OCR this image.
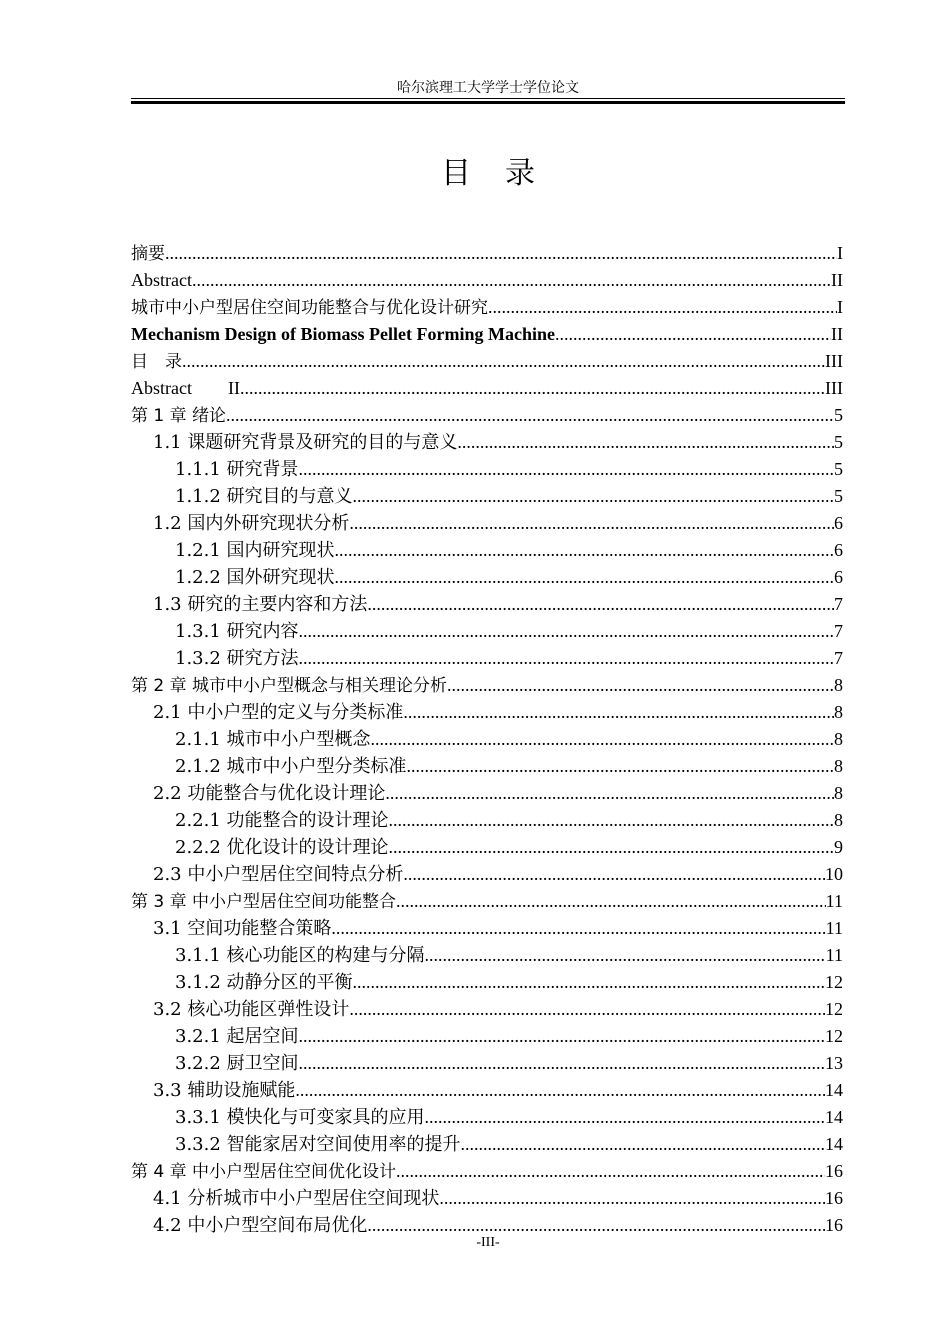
哈尔滨理工大学学士学位论文
目录
摘要 .....	I
Abstract .....	II
城市中小户型居住空间功能整合与优化设计研究 .....	I
Mechanism Design of Biomass Pellet Forming Machine .....	II
目　录 .....	III
Abstract　　II .....	III
第 1 章 绪论 .....	5
1.1 课题研究背景及研究的目的与意义 .....	5
1.1.1 研究背景 .....	5
1.1.2 研究目的与意义 .....	5
1.2 国内外研究现状分析 .....	6
1.2.1 国内研究现状 .....	6
1.2.2 国外研究现状 .....	6
1.3 研究的主要内容和方法 .....	7
1.3.1 研究内容 .....	7
1.3.2 研究方法 .....	7
第 2 章 城市中小户型概念与相关理论分析 .....	8
2.1 中小户型的定义与分类标准 .....	8
2.1.1 城市中小户型概念 .....	8
2.1.2 城市中小户型分类标准 .....	8
2.2 功能整合与优化设计理论 .....	8
2.2.1 功能整合的设计理论 .....	8
2.2.2 优化设计的设计理论 .....	9
2.3 中小户型居住空间特点分析 .....	10
第 3 章 中小户型居住空间功能整合 .....	11
3.1 空间功能整合策略 .....	11
3.1.1 核心功能区的构建与分隔 .....	11
3.1.2 动静分区的平衡 .....	12
3.2 核心功能区弹性设计 .....	12
3.2.1 起居空间 .....	12
3.2.2 厨卫空间 .....	13
3.3 辅助设施赋能 .....	14
3.3.1 模快化与可变家具的应用 .....	14
3.3.2 智能家居对空间使用率的提升 .....	14
第 4 章 中小户型居住空间优化设计 .....	16
4.1 分析城市中小户型居住空间现状 .....	16
4.2 中小户型空间布局优化 .....	16
-III-
